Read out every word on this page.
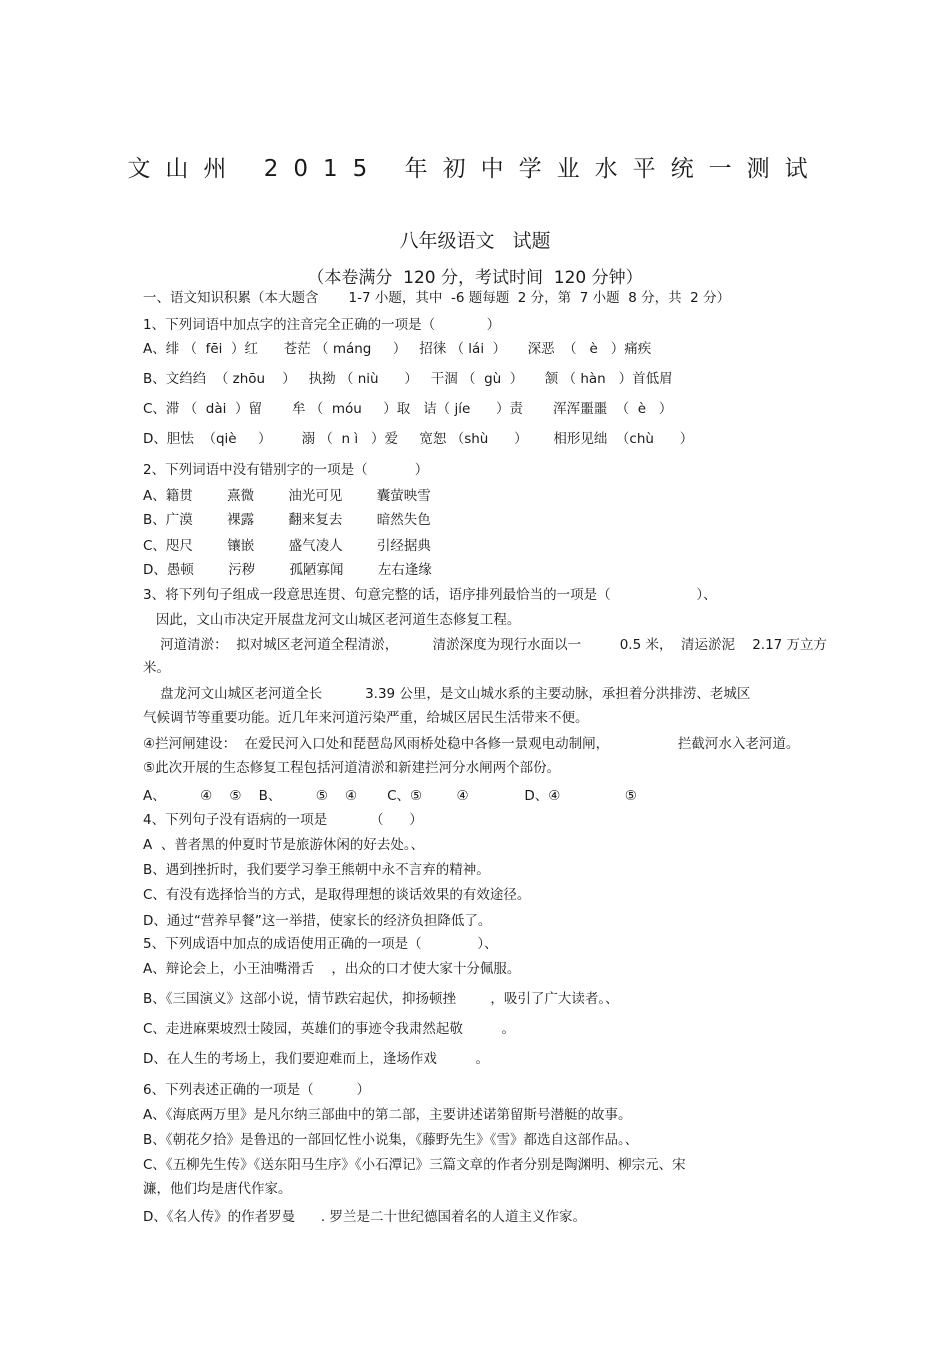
文山州 2015 年初中学业水平统一测试
八年级语文   试题
（本卷满分  120 分，考试时间  120 分钟）
一、语文知识积累（本大题含       1-7 小题，其中  -6 题每题  2 分，第  7 小题  8 分，共  2 分）
1、下列词语中加点字的注音完全正确的一项是（            ）
A、绯 （  fēi  ）红      苍茫 （ máng     ）   招徕 （ lái  ）     深恶  （   è   ）痛疾
B、文绉绉  （ zhōu    ）   执拗 （ niù      ）   干涸 （  gù  ）     颔 （ hàn   ）首低眉
C、滞 （  dài  ）留       牟 （  móu     ）取   诘（ jíe      ）责       浑浑噩噩  （  è   ）
D、胆怯  （qiè     ）       溺 （  n ì   ）爱     宽恕 （shù      ）      相形见绌  （chù      ）
2、下列词语中没有错别字的一项是（           ）
A、籍贯        熹微        油光可见        囊萤映雪
B、广漠        裸露        翻来复去        暗然失色
C、咫尺        镶嵌        盛气凌人        引经据典
D、愚顿        污秽        孤陋寡闻        左右逢缘
3、将下列句子组成一段意思连贯、句意完整的话，语序排列最恰当的一项是（                    ）、
因此，文山市决定开展盘龙河文山城区老河道生态修复工程。
河道清淤：  拟对城区老河道全程清淤，        清淤深度为现行水面以一         0.5 米，  清运淤泥    2.17 万立方
米。
盘龙河文山城区老河道全长          3.39 公里，是文山城水系的主要动脉，承担着分洪排涝、老城区
气候调节等重要功能。近几年来河道污染严重，给城区居民生活带来不便。
④拦河闸建设：  在爱民河入口处和琵琶岛风雨桥处稳中各修一景观电动制闸，                拦截河水入老河道。
⑤此次开展的生态修复工程包括河道清淤和新建拦河分水闸两个部份。
A、        ④    ⑤    B、        ⑤    ④       C、⑤        ④             D、④               ⑤
4、下列句子没有语病的一项是          （      ）
A  、普者黑的仲夏时节是旅游休闲的好去处。、
B、遇到挫折时，我们要学习拳王熊朝中永不言弃的精神。
C、有没有选择恰当的方式，是取得理想的谈话效果的有效途径。
D、通过“营养早餐”这一举措，使家长的经济负担降低了。
5、下列成语中加点的成语使用正确的一项是（             ）、
A、辩论会上，小王油嘴滑舌    ，出众的口才使大家十分佩服。
B、《三国演义》这部小说，情节跌宕起伏，抑扬顿挫        ，吸引了广大读者。、
C、走进麻栗坡烈士陵园，英雄们的事迹令我肃然起敬         。
D、在人生的考场上，我们要迎难而上，逢场作戏         。
6、下列表述正确的一项是（          ）
A、《海底两万里》是凡尔纳三部曲中的第二部，主要讲述诺第留斯号潜艇的故事。
B、《朝花夕拾》是鲁迅的一部回忆性小说集，《藤野先生》《雪》都选自这部作品。、
C、《五柳先生传》《送东阳马生序》《小石潭记》三篇文章的作者分别是陶渊明、柳宗元、宋
濂，他们均是唐代作家。
D、《名人传》的作者罗曼      . 罗兰是二十世纪德国着名的人道主义作家。
